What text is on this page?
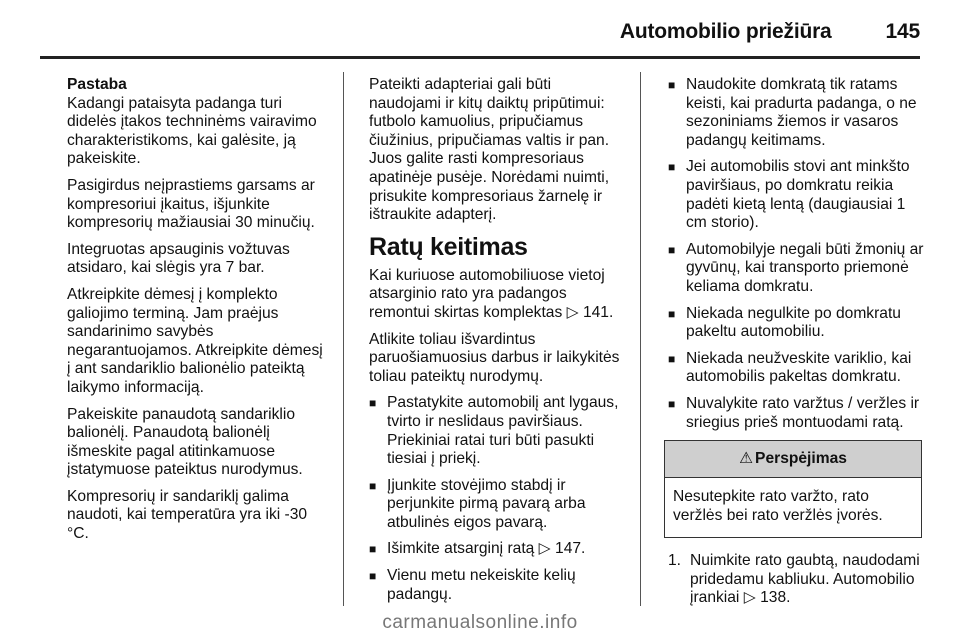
Automobilio priežiūra	145

Pastaba

Kadangi pataisyta padanga turi didelės įtakos techninėms vairavimo charakteristikoms, kai galėsite, ją pakeiskite.

Pasigirdus neįprastiems garsams ar kompresoriui įkaitus, išjunkite kompresorių mažiausiai 30 minučių.

Integruotas apsauginis vožtuvas atsidaro, kai slėgis yra 7 bar.

Atkreipkite dėmesį į komplekto galiojimo terminą. Jam praėjus sandarinimo savybės negarantuojamos. Atkreipkite dėmesį į ant sandariklio balionėlio pateiktą laikymo informaciją.

Pakeiskite panaudotą sandariklio balionėlį. Panaudotą balionėlį išmeskite pagal atitinkamuose įstatymuose pateiktus nurodymus.

Kompresorių ir sandariklį galima naudoti, kai temperatūra yra iki -30 °C.

Pateikti adapteriai gali būti naudojami ir kitų daiktų pripūtimui: futbolo kamuolius, pripučiamus čiužinius, pripučiamas valtis ir pan. Juos galite rasti kompresoriaus apatinėje pusėje. Norėdami nuimti, prisukite kompresoriaus žarnelę ir ištraukite adapterį.

Ratų keitimas

Kai kuriuose automobiliuose vietoj atsarginio rato yra padangos remontui skirtas komplektas ▷ 141.

Atlikite toliau išvardintus paruošiamuosius darbus ir laikykitės toliau pateiktų nurodymų.

■ Pastatykite automobilį ant lygaus, tvirto ir neslidaus paviršiaus. Priekiniai ratai turi būti pasukti tiesiai į priekį.
■ Įjunkite stovėjimo stabdį ir perjunkite pirmą pavarą arba atbulinės eigos pavarą.
■ Išimkite atsarginį ratą ▷ 147.
■ Vienu metu nekeiskite kelių padangų.
■ Naudokite domkratą tik ratams keisti, kai pradurta padanga, o ne sezoniniams žiemos ir vasaros padangų keitimams.
■ Jei automobilis stovi ant minkšto paviršiaus, po domkratu reikia padėti kietą lentą (daugiausiai 1 cm storio).
■ Automobilyje negali būti žmonių ar gyvūnų, kai transporto priemonė keliama domkratu.
■ Niekada negulkite po domkratu pakeltu automobiliu.
■ Niekada neužveskite variklio, kai automobilis pakeltas domkratu.
■ Nuvalykite rato varžtus / veržles ir sriegius prieš montuodami ratą.
⚠ Perspėjimas
Nesutepkite rato varžto, rato veržlės bei rato veržlės įvorės.
1. Nuimkite rato gaubtą, naudodami pridedamu kabliuku. Automobilio įrankiai ▷ 138.
carmanualsonline.info
